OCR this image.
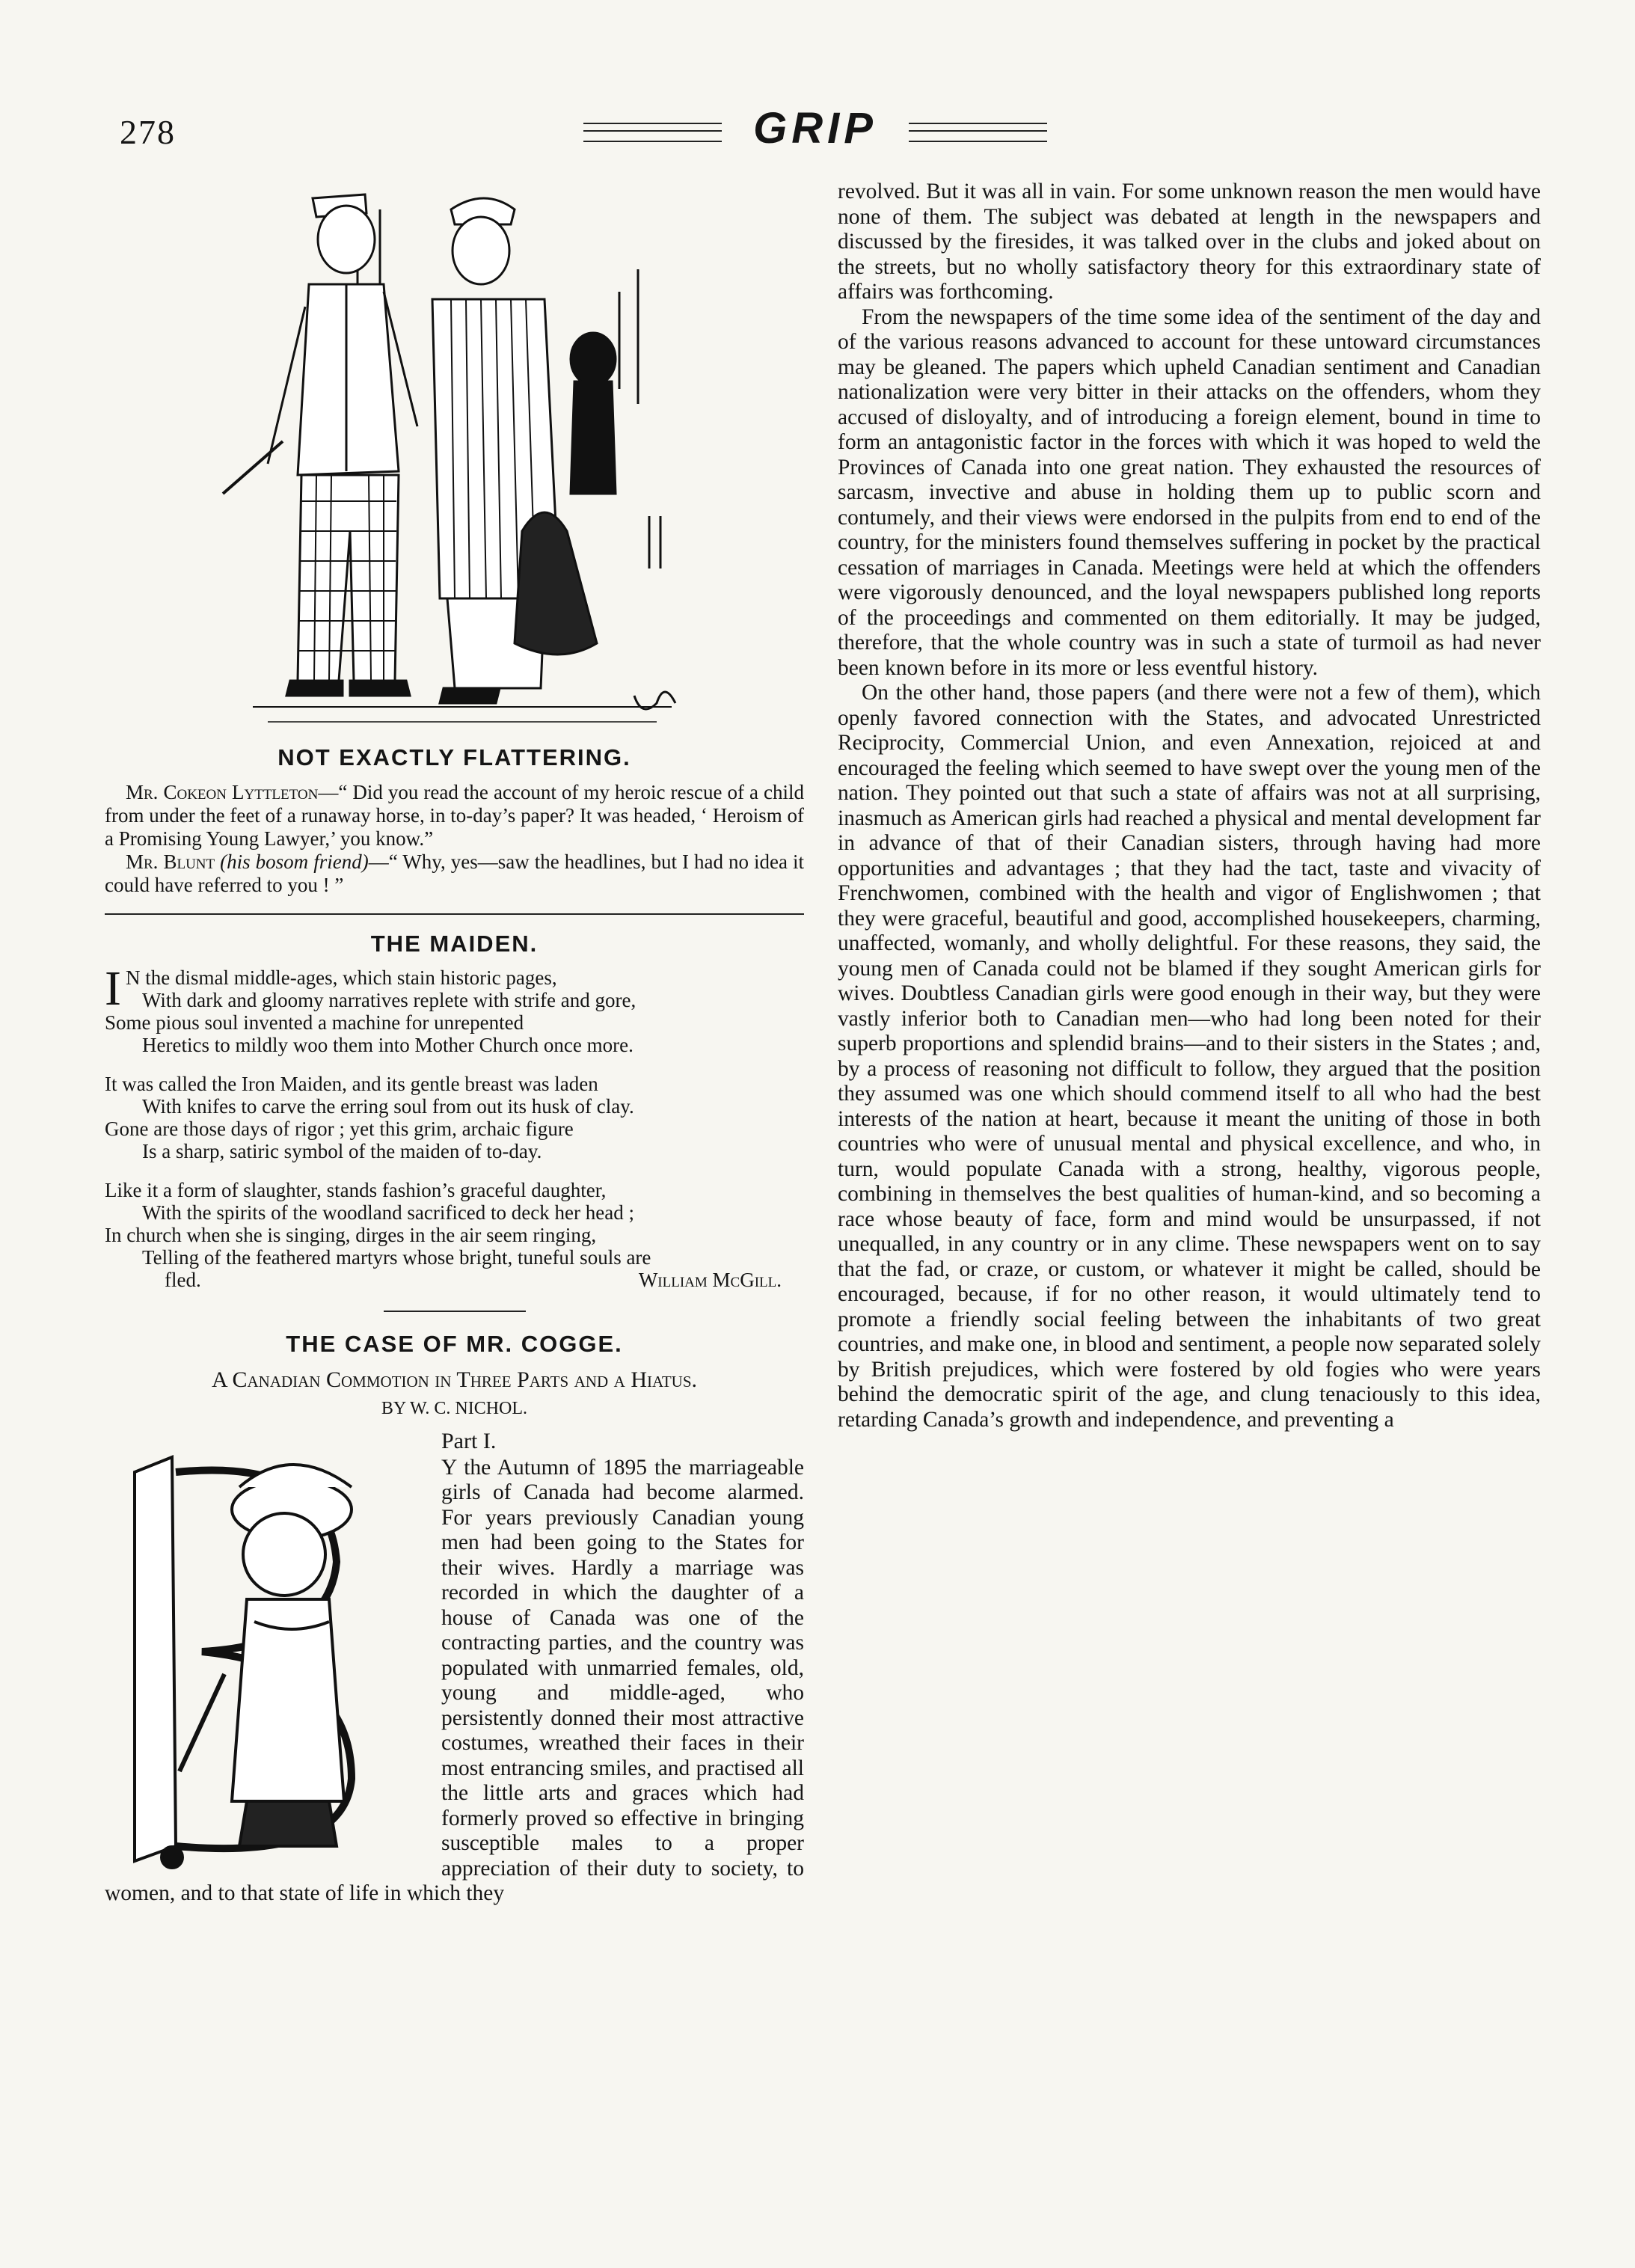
278	GRIP
NOT EXACTLY FLATTERING.

Mr. Cokeon Lyttleton—“ Did you read the account of my heroic rescue of a child from under the feet of a runaway horse, in to-day’s paper? It was headed, ‘ Heroism of a Promising Young Lawyer,’ you know.”

Mr. Blunt (his bosom friend)—“ Why, yes—saw the headlines, but I had no idea it could have referred to you ! ”

THE MAIDEN.
I N the dismal middle-ages, which stain historic pages,
With dark and gloomy narratives replete with strife and gore,
Some pious soul invented a machine for unrepented
Heretics to mildly woo them into Mother Church once more.
It was called the Iron Maiden, and its gentle breast was laden
With knifes to carve the erring soul from out its husk of clay.
Gone are those days of rigor ; yet this grim, archaic figure
Is a sharp, satiric symbol of the maiden of to-day.
Like it a form of slaughter, stands fashion’s graceful daughter,
With the spirits of the woodland sacrificed to deck her head ;
In church when she is singing, dirges in the air seem ringing,
Telling of the feathered martyrs whose bright, tuneful souls are
fled.	William McGill.
THE CASE OF MR. COGGE.
A Canadian Commotion in Three Parts and a Hiatus.
BY W. C. NICHOL.
Part I.

Y the Autumn of 1895 the marriageable girls of Canada had become alarmed. For years previously Canadian young men had been going to the States for their wives. Hardly a marriage was recorded in which the daughter of a house of Canada was one of the contracting parties, and the country was populated with unmarried females, old, young and middle-aged, who persistently donned their most attractive costumes, wreathed their faces in their most entrancing smiles, and practised all the little arts and graces which had formerly proved so effective in bringing susceptible males to a proper appreciation of their duty to society, to women, and to that state of life in which they

revolved. But it was all in vain. For some unknown reason the men would have none of them. The subject was debated at length in the newspapers and discussed by the firesides, it was talked over in the clubs and joked about on the streets, but no wholly satisfactory theory for this extraordinary state of affairs was forthcoming.

From the newspapers of the time some idea of the sentiment of the day and of the various reasons advanced to account for these untoward circumstances may be gleaned. The papers which upheld Canadian sentiment and Canadian nationalization were very bitter in their attacks on the offenders, whom they accused of disloyalty, and of introducing a foreign element, bound in time to form an antagonistic factor in the forces with which it was hoped to weld the Provinces of Canada into one great nation. They exhausted the resources of sarcasm, invective and abuse in holding them up to public scorn and contumely, and their views were endorsed in the pulpits from end to end of the country, for the ministers found themselves suffering in pocket by the practical cessation of marriages in Canada. Meetings were held at which the offenders were vigorously denounced, and the loyal newspapers published long reports of the proceedings and commented on them editorially. It may be judged, therefore, that the whole country was in such a state of turmoil as had never been known before in its more or less eventful history.

On the other hand, those papers (and there were not a few of them), which openly favored connection with the States, and advocated Unrestricted Reciprocity, Commercial Union, and even Annexation, rejoiced at and encouraged the feeling which seemed to have swept over the young men of the nation. They pointed out that such a state of affairs was not at all surprising, inasmuch as American girls had reached a physical and mental development far in advance of that of their Canadian sisters, through having had more opportunities and advantages ; that they had the tact, taste and vivacity of Frenchwomen, combined with the health and vigor of Englishwomen ; that they were graceful, beautiful and good, accomplished housekeepers, charming, unaffected, womanly, and wholly delightful. For these reasons, they said, the young men of Canada could not be blamed if they sought American girls for wives. Doubtless Canadian girls were good enough in their way, but they were vastly inferior both to Canadian men—who had long been noted for their superb proportions and splendid brains—and to their sisters in the States ; and, by a process of reasoning not difficult to follow, they argued that the position they assumed was one which should commend itself to all who had the best interests of the nation at heart, because it meant the uniting of those in both countries who were of unusual mental and physical excellence, and who, in turn, would populate Canada with a strong, healthy, vigorous people, combining in themselves the best qualities of human-kind, and so becoming a race whose beauty of face, form and mind would be unsurpassed, if not unequalled, in any country or in any clime. These newspapers went on to say that the fad, or craze, or custom, or whatever it might be called, should be encouraged, because, if for no other reason, it would ultimately tend to promote a friendly social feeling between the inhabitants of two great countries, and make one, in blood and sentiment, a people now separated solely by British prejudices, which were fostered by old fogies who were years behind the democratic spirit of the age, and clung tenaciously to this idea, retarding Canada’s growth and independence, and preventing a
